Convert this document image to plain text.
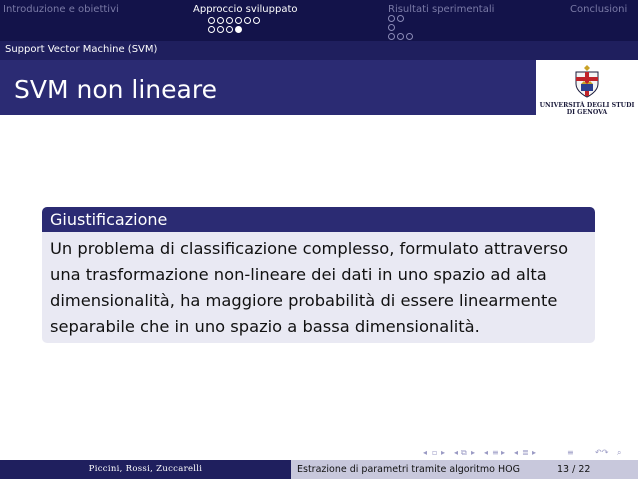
Introduzione e obiettivi	Approccio sviluppato	Risultati sperimentali	Conclusioni
Support Vector Machine (SVM)
SVM non lineare
UNIVERSITÀ DEGLI STUDI
DI GENOVA
Giustificazione

Un problema di classificazione complesso, formulato attraverso una trasformazione non-lineare dei dati in uno spazio ad alta dimensionalità, ha maggiore probabilità di essere linearmente separabile che in uno spazio a bassa dimensionalità.

◂ ▫ ▸ ◂ ⧉ ▸ ◂ ≡ ▸ ◂ ≣ ▸	≡	↶↷ ⌕
Piccini, Rossi, Zuccarelli	Estrazione di parametri tramite algoritmo HOG	13 / 22
